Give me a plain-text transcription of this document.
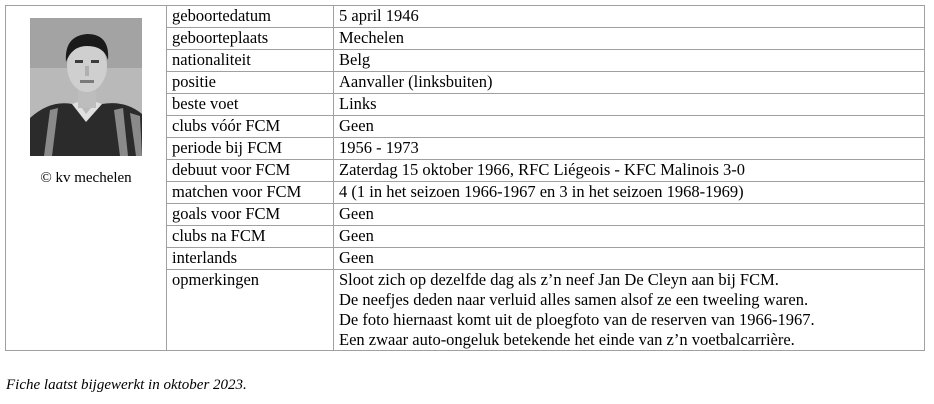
© kv mechelen	geboortedatum	5 april 1946
	geboorteplaats	Mechelen
	nationaliteit	Belg
	positie	Aanvaller (linksbuiten)
	beste voet	Links
	clubs vóór FCM	Geen
	periode bij FCM	1956 - 1973
	debuut voor FCM	Zaterdag 15 oktober 1966, RFC Liégeois - KFC Malinois 3-0
	matchen voor FCM	4 (1 in het seizoen 1966-1967 en 3 in het seizoen 1968-1969)
	goals voor FCM	Geen
	clubs na FCM	Geen
	interlands	Geen
	opmerkingen	Sloot zich op dezelfde dag als z’n neef Jan De Cleyn aan bij FCM.
De neefjes deden naar verluid alles samen alsof ze een tweeling waren.
De foto hiernaast komt uit de ploegfoto van de reserven van 1966-1967.
Een zwaar auto-ongeluk betekende het einde van z’n voetbalcarrière.
Fiche laatst bijgewerkt in oktober 2023.
